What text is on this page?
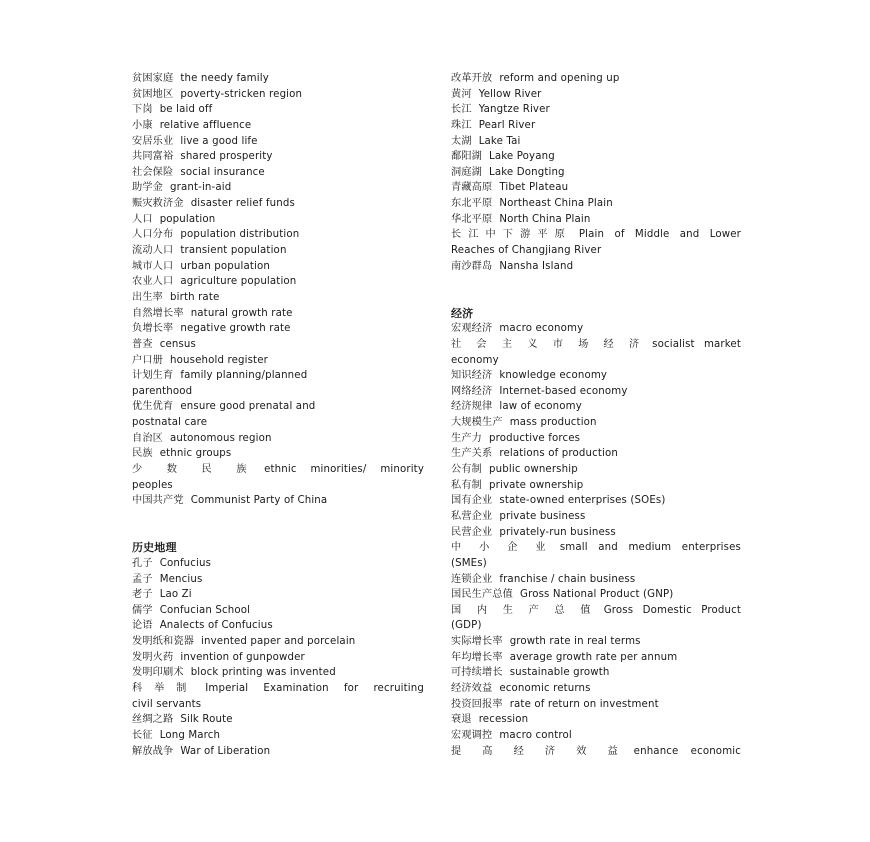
贫困家庭 the needy family
贫困地区 poverty-stricken region
下岗 be laid off
小康 relative affluence
安居乐业 live a good life
共同富裕 shared prosperity
社会保险 social insurance
助学金 grant-in-aid
赈灾救济金 disaster relief funds
人口 population
人口分布 population distribution
流动人口 transient population
城市人口 urban population
农业人口 agriculture population
出生率 birth rate
自然增长率 natural growth rate
负增长率 negative growth rate
普查 census
户口册 household register
计划生育 family planning/planned
parenthood
优生优育 ensure good prenatal and
postnatal care
自治区 autonomous region
民族 ethnic groups
少 数 民 族 ethnic minorities/ minority
peoples
中国共产党 Communist Party of China
历史地理
孔子 Confucius
孟子 Mencius
老子 Lao Zi
儒学 Confucian School
论语 Analects of Confucius
发明纸和瓷器 invented paper and porcelain
发明火药 invention of gunpowder
发明印刷术 block printing was invented
科举制 Imperial Examination for recruiting
civil servants
丝绸之路 Silk Route
长征 Long March
解放战争 War of Liberation
改革开放 reform and opening up
黄河 Yellow River
长江 Yangtze River
珠江 Pearl River
太湖 Lake Tai
鄱阳湖 Lake Poyang
洞庭湖 Lake Dongting
青藏高原 Tibet Plateau
东北平原 Northeast China Plain
华北平原 North China Plain
长江中下游平原 Plain of Middle and Lower
Reaches of Changjiang River
南沙群岛 Nansha Island
经济
宏观经济 macro economy
社 会 主 义 市 场 经 济 socialist market
economy
知识经济 knowledge economy
网络经济 Internet-based economy
经济规律 law of economy
大规模生产 mass production
生产力 productive forces
生产关系 relations of production
公有制 public ownership
私有制 private ownership
国有企业 state-owned enterprises (SOEs)
私营企业 private business
民营企业 privately-run business
中 小 企 业 small and medium enterprises
(SMEs)
连锁企业 franchise / chain business
国民生产总值 Gross National Product (GNP)
国 内 生 产 总 值 Gross Domestic Product
(GDP)
实际增长率 growth rate in real terms
年均增长率 average growth rate per annum
可持续增长 sustainable growth
经济效益 economic returns
投资回报率 rate of return on investment
衰退 recession
宏观调控 macro control
提 高 经 济 效 益 enhance economic
